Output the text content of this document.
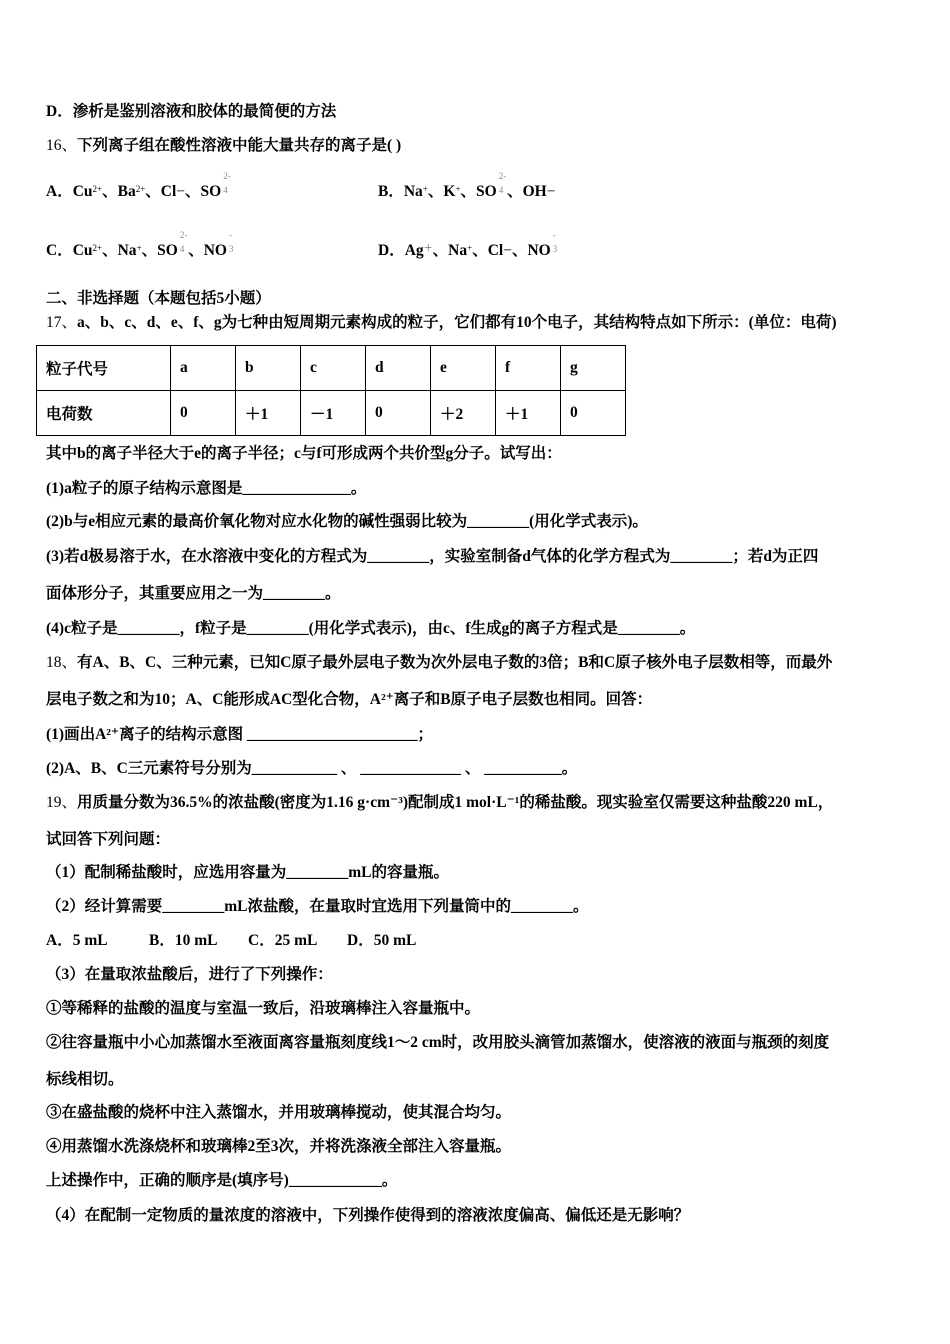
D．渗析是鉴别溶液和胶体的最简便的方法
16、下列离子组在酸性溶液中能大量共存的离子是( )
A．$Cu^{2+}$、$Ba^{2+}$、Cl−、SO
2-
$^4$	B．Na+、K+、SO
2-
$^4$ 、OH−
C．$Cu^{2+}$、Na+、SO
2-
$^4$ 、NO
-
$^3$	D．Ag＋、Na+、Cl−、NO
-
$^3$
二、非选择题（本题包括5小题）
17、a、b、c、d、e、f、g为七种由短周期元素构成的粒子，它们都有10个电子，其结构特点如下所示：(单位：电荷)
粒子代号	a	b	c	d	e	f	g
电荷数	0	＋1	－1	0	＋2	＋1	0
其中b的离子半径大于e的离子半径；c与f可形成两个共价型g分子。试写出：
(1)a粒子的原子结构示意图是______________。
(2)b与e相应元素的最高价氧化物对应水化物的碱性强弱比较为________(用化学式表示)。
(3)若d极易溶于水，在水溶液中变化的方程式为________，实验室制备d气体的化学方程式为________；若d为正四
面体形分子，其重要应用之一为________。
(4)c粒子是________，f粒子是________(用化学式表示)，由c、f生成g的离子方程式是________。
18、有A、B、C、三种元素，已知C原子最外层电子数为次外层电子数的3倍；B和C原子核外电子层数相等，而最外
层电子数之和为10；A、C能形成AC型化合物，A²⁺离子和B原子电子层数也相同。回答：
(1)画出A²⁺离子的结构示意图 ______________________；
(2)A、B、C三元素符号分别为___________ 、 _____________ 、 __________。
19、用质量分数为36.5%的浓盐酸(密度为1.16 g·cm⁻³)配制成1 mol·L⁻¹的稀盐酸。现实验室仅需要这种盐酸220 mL，
试回答下列问题：
（1）配制稀盐酸时，应选用容量为________mL的容量瓶。
（2）经计算需要________mL浓盐酸，在量取时宜选用下列量筒中的________。
A．5 mL	B．10 mL C．25 mL D．50 mL
（3）在量取浓盐酸后，进行了下列操作：
①等稀释的盐酸的温度与室温一致后，沿玻璃棒注入容量瓶中。
②往容量瓶中小心加蒸馏水至液面离容量瓶刻度线1～2 cm时，改用胶头滴管加蒸馏水，使溶液的液面与瓶颈的刻度
标线相切。
③在盛盐酸的烧杯中注入蒸馏水，并用玻璃棒搅动，使其混合均匀。
④用蒸馏水洗涤烧杯和玻璃棒2至3次，并将洗涤液全部注入容量瓶。
上述操作中，正确的顺序是(填序号)____________。
（4）在配制一定物质的量浓度的溶液中，下列操作使得到的溶液浓度偏高、偏低还是无影响？
